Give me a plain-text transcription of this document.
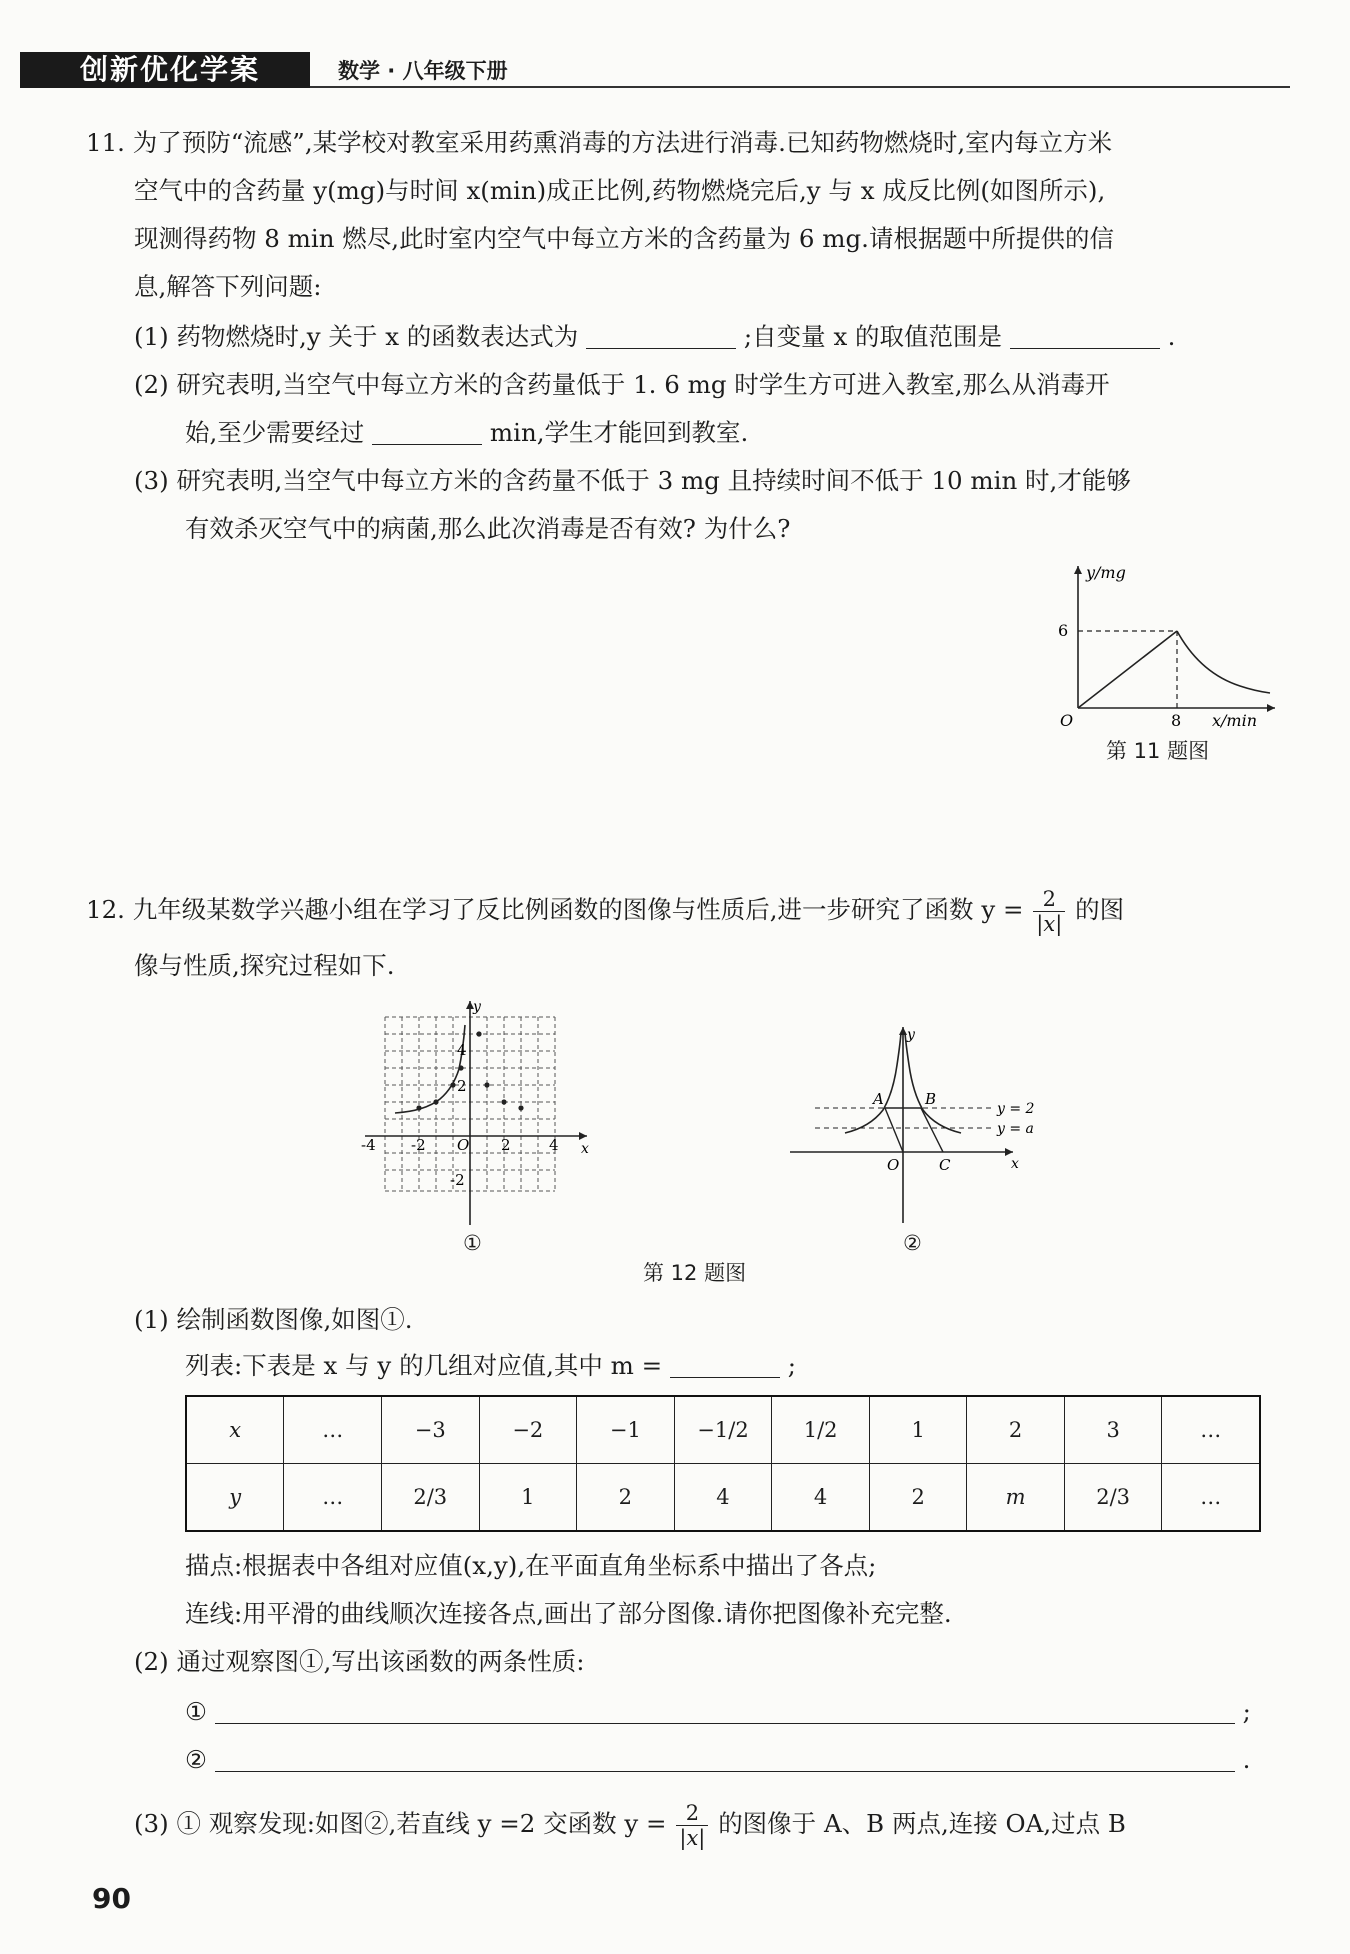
创新优化学案	数学 · 八年级下册
11. 为了预防“流感”,某学校对教室采用药熏消毒的方法进行消毒.已知药物燃烧时,室内每立方米
空气中的含药量 y(mg)与时间 x(min)成正比例,药物燃烧完后,y 与 x 成反比例(如图所示),
现测得药物 8 min 燃尽,此时室内空气中每立方米的含药量为 6 mg.请根据题中所提供的信
息,解答下列问题:
(1) 药物燃烧时,y 关于 x 的函数表达式为	;自变量 x 的取值范围是	.
(2) 研究表明,当空气中每立方米的含药量低于 1. 6 mg 时学生方可进入教室,那么从消毒开
始,至少需要经过	min,学生才能回到教室.
(3) 研究表明,当空气中每立方米的含药量不低于 3 mg 且持续时间不低于 10 min 时,才能够
有效杀灭空气中的病菌,那么此次消毒是否有效? 为什么?
y/mg
6
O	8 x/min
第 11 题图
12. 九年级某数学兴趣小组在学习了反比例函数的图像与性质后,进一步研究了函数 $y = \frac{2}{|x|}$ 的图
像与性质,探究过程如下.
y
x
O
-4 -2	2	4
4
2
-2
①
y
x
O
A	B
C
y = 2
y = a
②
第 12 题图
(1) 绘制函数图像,如图①.
列表:下表是 x 与 y 的几组对应值,其中 m =	;
x	…	−3	−2	−1	−1/2	1/2	1	2	3	…
y	…	2/3	1	2	4	4	2	m	2/3	…
描点:根据表中各组对应值(x,y),在平面直角坐标系中描出了各点;
连线:用平滑的曲线顺次连接各点,画出了部分图像.请你把图像补充完整.
(2) 通过观察图①,写出该函数的两条性质:
①	;
②	.
(3) ① 观察发现:如图②,若直线 y =2 交函数 $y = \frac{2}{|x|}$ 的图像于 A、B 两点,连接 OA,过点 B
90
